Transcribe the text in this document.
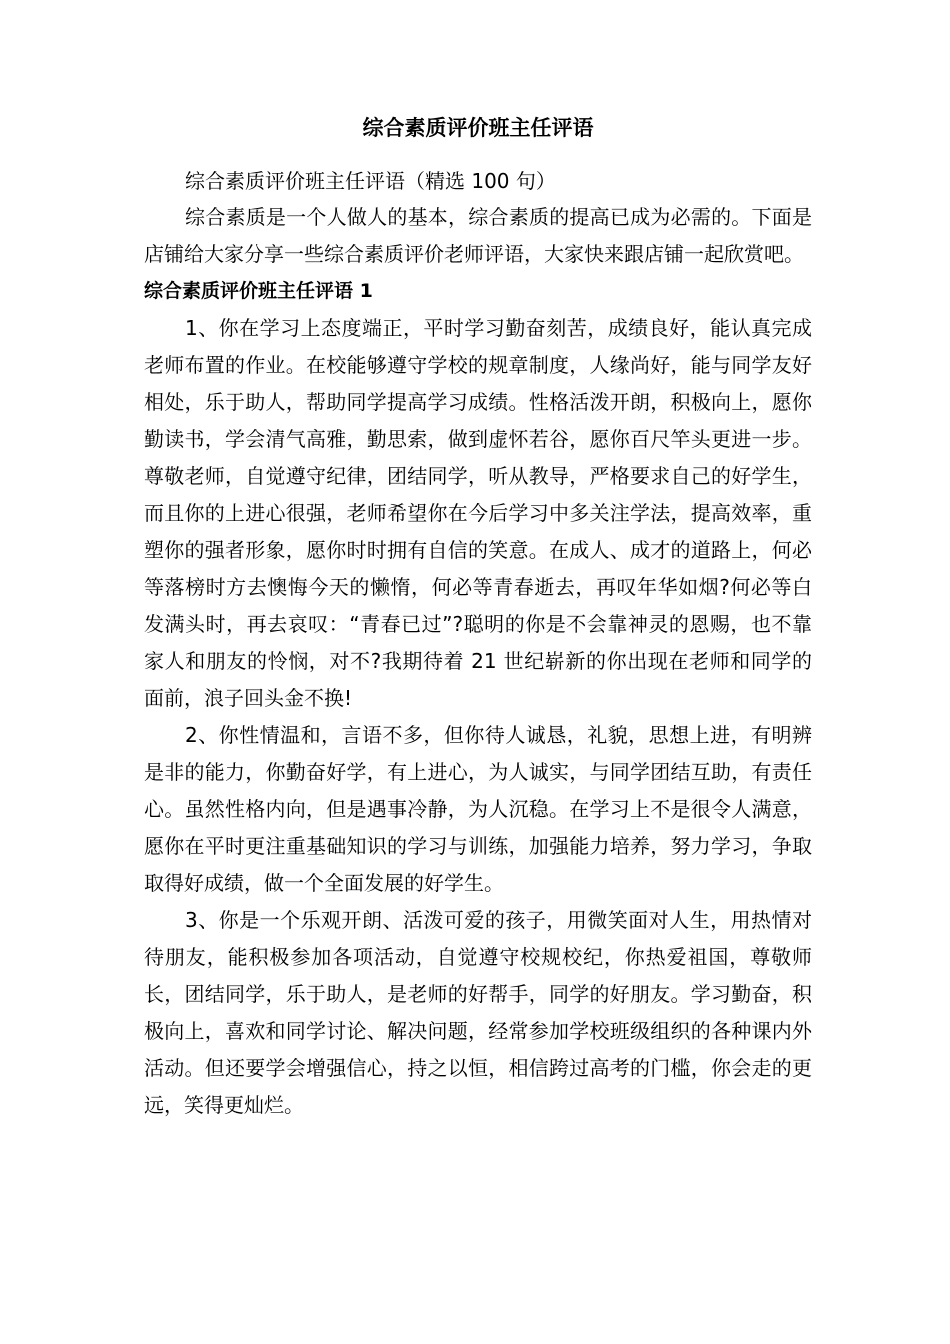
综合素质评价班主任评语

综合素质评价班主任评语（精选 100 句）

综合素质是一个人做人的基本，综合素质的提高已成为必需的。下面是店铺给大家分享一些综合素质评价老师评语，大家快来跟店铺一起欣赏吧。

综合素质评价班主任评语 1

1、你在学习上态度端正，平时学习勤奋刻苦，成绩良好，能认真完成老师布置的作业。在校能够遵守学校的规章制度，人缘尚好，能与同学友好相处，乐于助人，帮助同学提高学习成绩。性格活泼开朗，积极向上，愿你勤读书，学会清气高雅，勤思索，做到虚怀若谷，愿你百尺竿头更进一步。尊敬老师，自觉遵守纪律，团结同学，听从教导，严格要求自己的好学生，而且你的上进心很强，老师希望你在今后学习中多关注学法，提高效率，重塑你的强者形象，愿你时时拥有自信的笑意。在成人、成才的道路上，何必等落榜时方去懊悔今天的懒惰，何必等青春逝去，再叹年华如烟?何必等白发满头时，再去哀叹：“青春已过”?聪明的你是不会靠神灵的恩赐，也不靠家人和朋友的怜悯，对不?我期待着 21 世纪崭新的你出现在老师和同学的面前，浪子回头金不换!

2、你性情温和，言语不多，但你待人诚恳，礼貌，思想上进，有明辨是非的能力，你勤奋好学，有上进心，为人诚实，与同学团结互助，有责任心。虽然性格内向，但是遇事冷静，为人沉稳。在学习上不是很令人满意，愿你在平时更注重基础知识的学习与训练，加强能力培养，努力学习，争取取得好成绩，做一个全面发展的好学生。

3、你是一个乐观开朗、活泼可爱的孩子，用微笑面对人生，用热情对待朋友，能积极参加各项活动，自觉遵守校规校纪，你热爱祖国，尊敬师长，团结同学，乐于助人，是老师的好帮手，同学的好朋友。学习勤奋，积极向上，喜欢和同学讨论、解决问题，经常参加学校班级组织的各种课内外活动。但还要学会增强信心，持之以恒，相信跨过高考的门槛，你会走的更远，笑得更灿烂。
